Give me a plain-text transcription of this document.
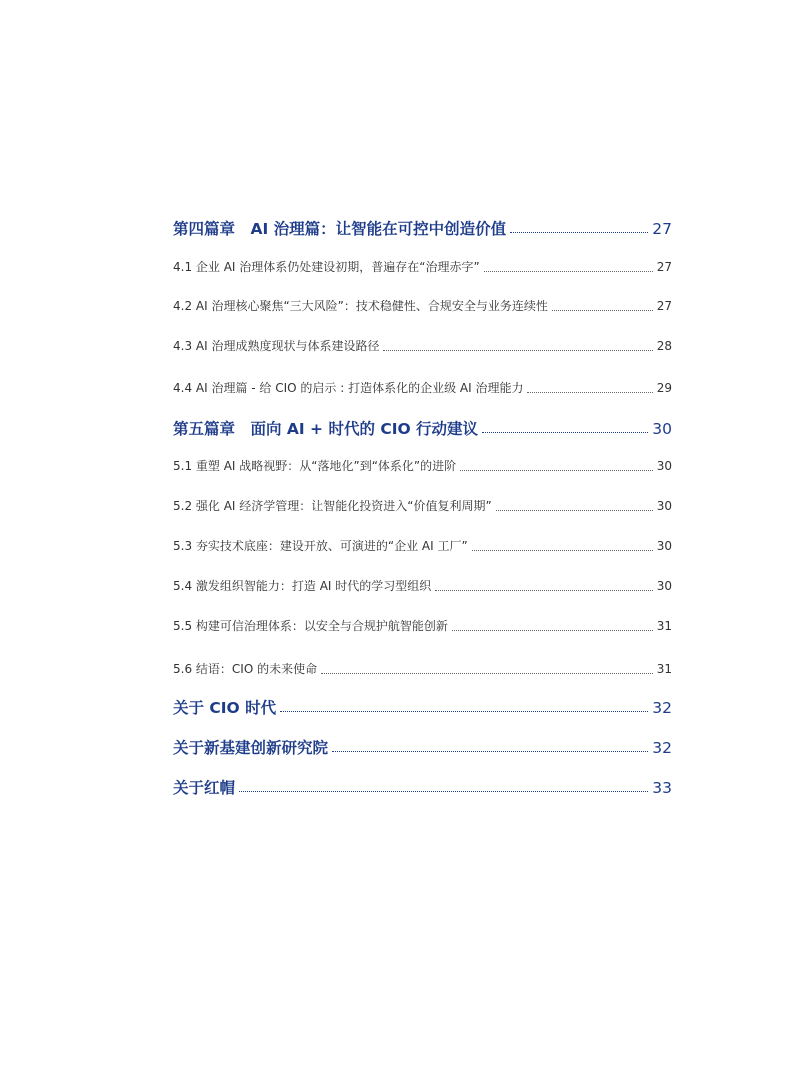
第四篇章　AI 治理篇：让智能在可控中创造价值	27
4.1 企业 AI 治理体系仍处建设初期，普遍存在“治理赤字”	27
4.2 AI 治理核心聚焦“三大风险”：技术稳健性、合规安全与业务连续性	27
4.3 AI 治理成熟度现状与体系建设路径	28
4.4 AI 治理篇 - 给 CIO 的启示 : 打造体系化的企业级 AI 治理能力	29
第五篇章　面向 AI + 时代的 CIO 行动建议	30
5.1 重塑 AI 战略视野：从“落地化”到“体系化”的进阶	30
5.2 强化 AI 经济学管理：让智能化投资进入“价值复利周期”	30
5.3 夯实技术底座：建设开放、可演进的“企业 AI 工厂”	30
5.4 激发组织智能力：打造 AI 时代的学习型组织	30
5.5 构建可信治理体系：以安全与合规护航智能创新	31
5.6 结语：CIO 的未来使命	31
关于 CIO 时代	32
关于新基建创新研究院	32
关于红帽	33
